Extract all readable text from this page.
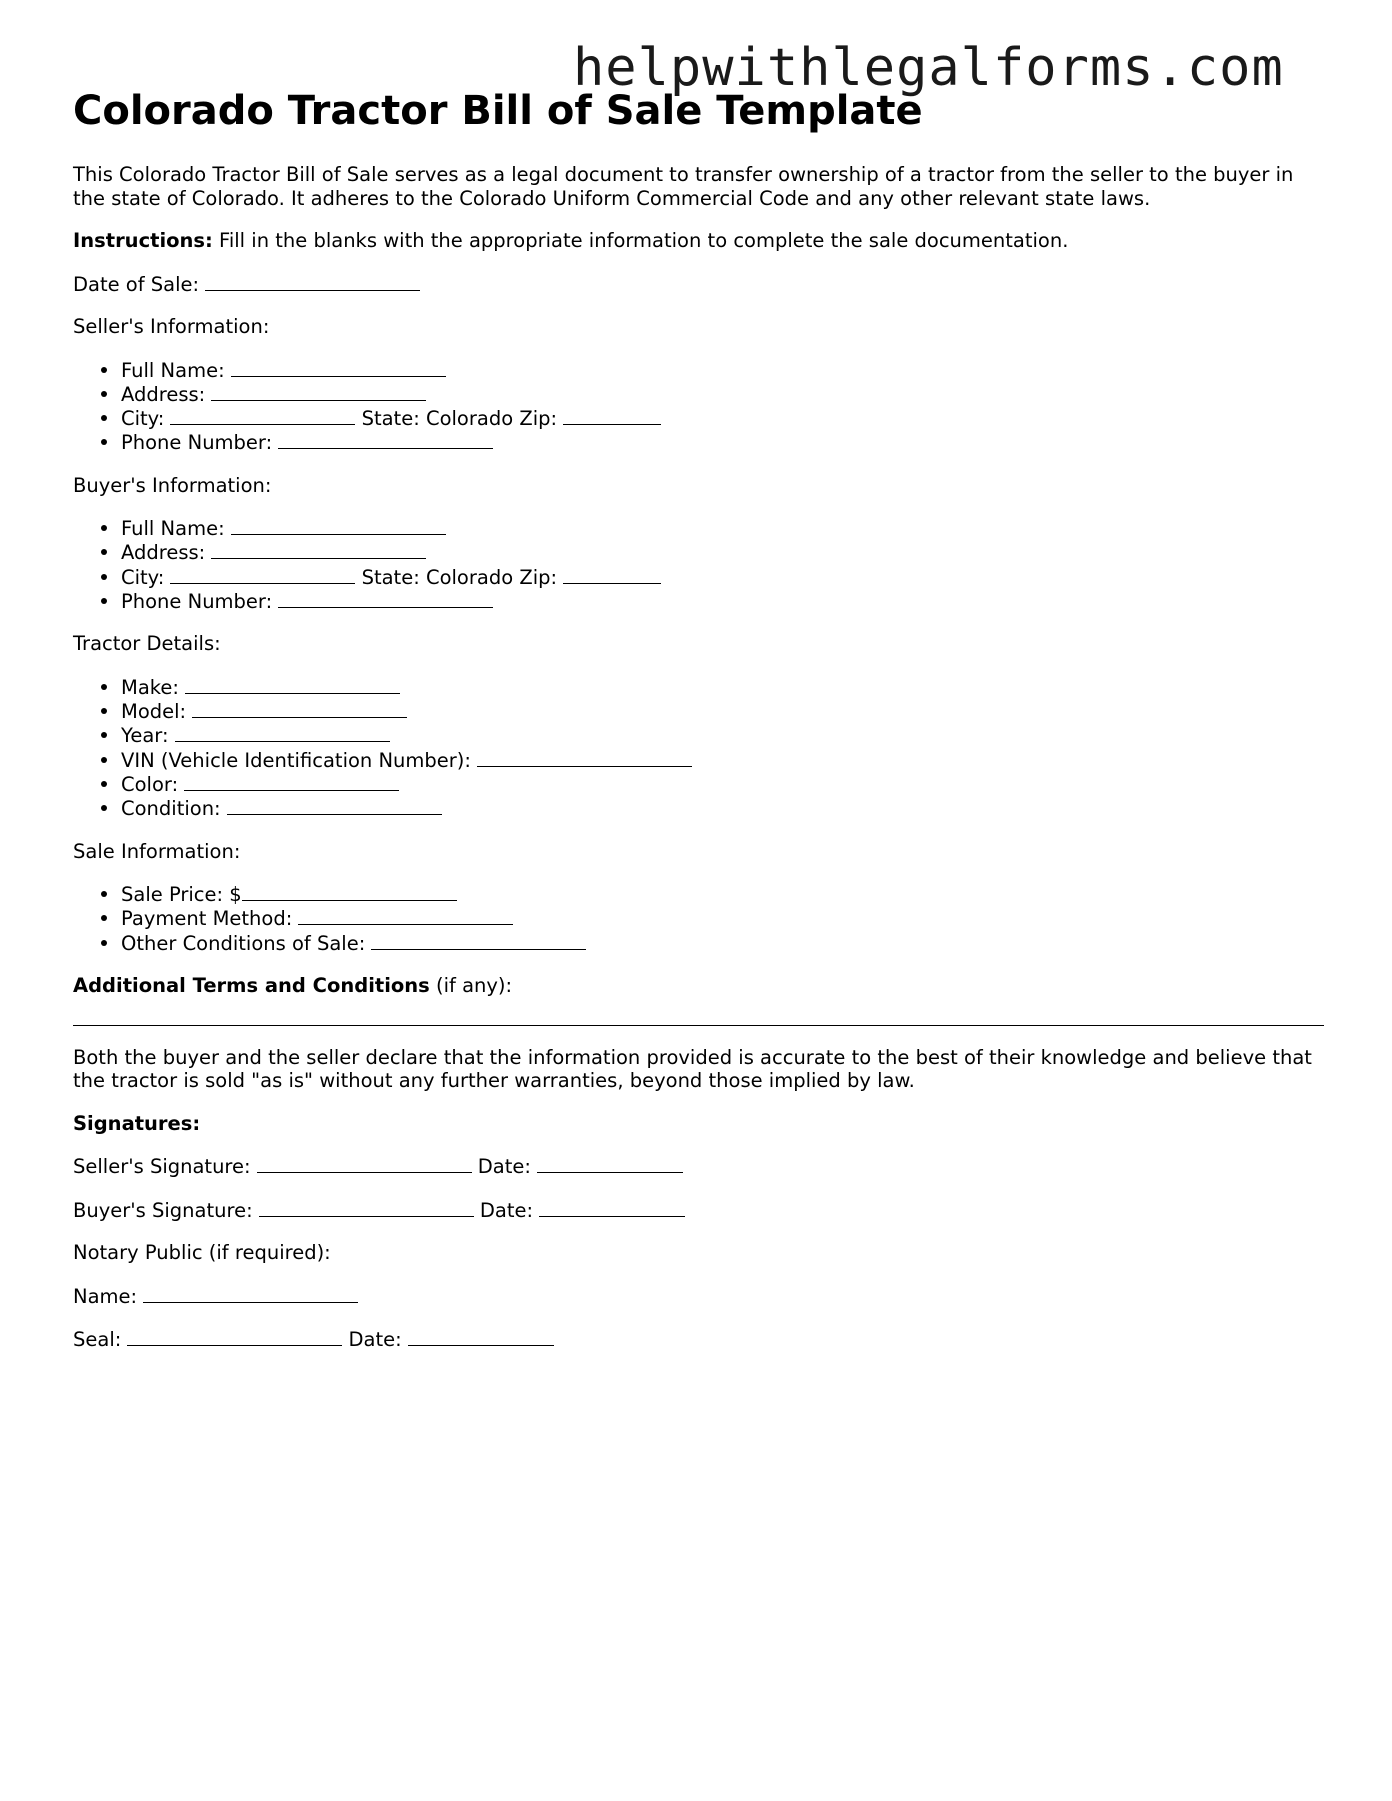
helpwithlegalforms.com
Colorado Tractor Bill of Sale Template

This Colorado Tractor Bill of Sale serves as a legal document to transfer ownership of a tractor from the seller to the buyer in the state of Colorado. It adheres to the Colorado Uniform Commercial Code and any other relevant state laws.

Instructions: Fill in the blanks with the appropriate information to complete the sale documentation.

Date of Sale:

Seller's Information:

Full Name:
Address:
City:	State: Colorado Zip:
Phone Number:

Buyer's Information:

Full Name:
Address:
City:	State: Colorado Zip:
Phone Number:

Tractor Details:

Make:
Model:
Year:
VIN (Vehicle Identification Number):
Color:
Condition:

Sale Information:

Sale Price: $
Payment Method:
Other Conditions of Sale:

Additional Terms and Conditions (if any):

Both the buyer and the seller declare that the information provided is accurate to the best of their knowledge and believe that the tractor is sold "as is" without any further warranties, beyond those implied by law.

Signatures:

Seller's Signature:	Date:

Buyer's Signature:	Date:

Notary Public (if required):

Name:

Seal:	Date:
